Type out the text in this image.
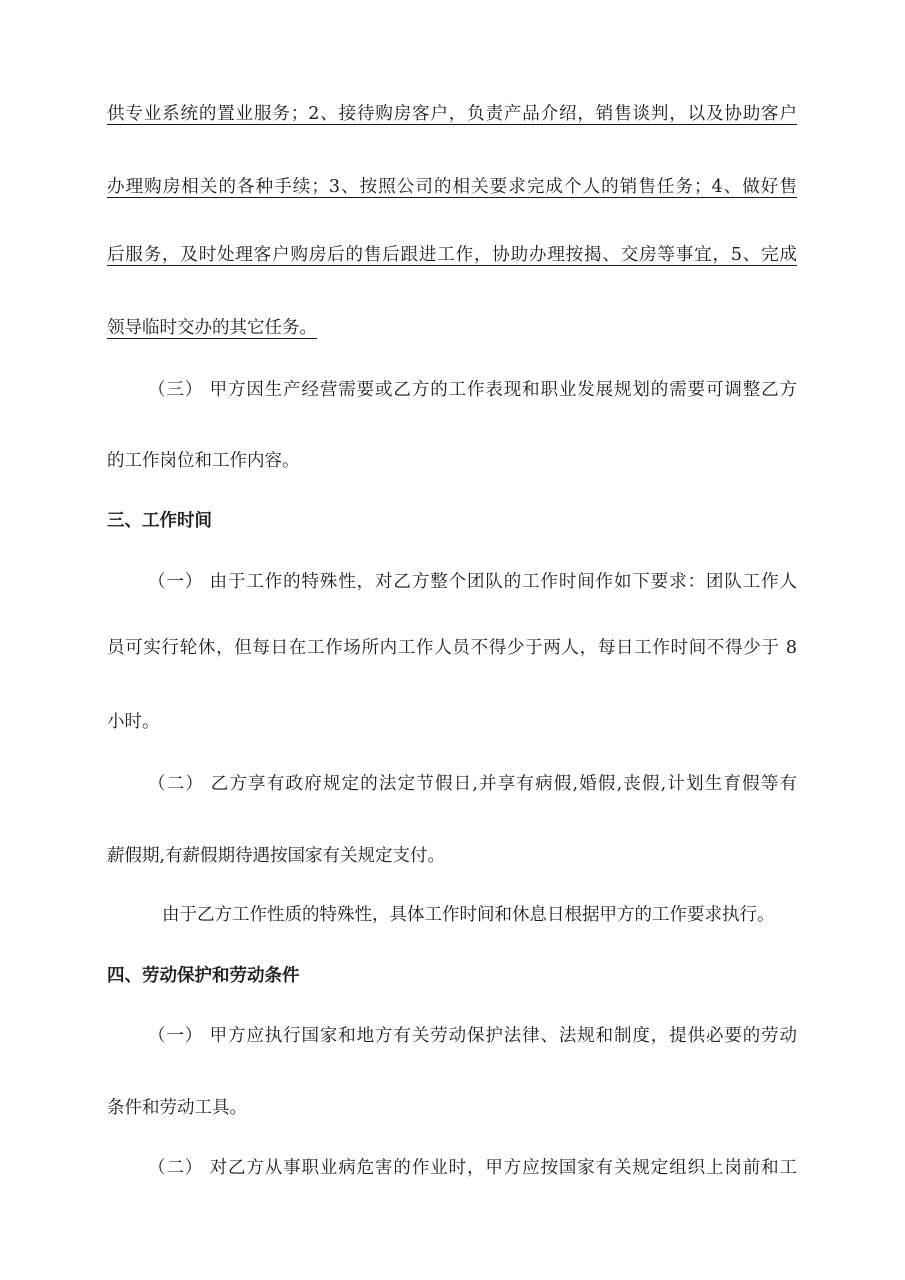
供专业系统的置业服务；2、接待购房客户，负责产品介绍，销售谈判，以及协助客户
办理购房相关的各种手续；3、按照公司的相关要求完成个人的销售任务；4、做好售
后服务，及时处理客户购房后的售后跟进工作，协助办理按揭、交房等事宜，5、完成
领导临时交办的其它任务。
（三） 甲方因生产经营需要或乙方的工作表现和职业发展规划的需要可调整乙方
的工作岗位和工作内容。
三、工作时间
（一） 由于工作的特殊性，对乙方整个团队的工作时间作如下要求：团队工作人
员可实行轮休，但每日在工作场所内工作人员不得少于两人，每日工作时间不得少于 8
小时。
（二） 乙方享有政府规定的法定节假日,并享有病假,婚假,丧假,计划生育假等有
薪假期,有薪假期待遇按国家有关规定支付。
由于乙方工作性质的特殊性，具体工作时间和休息日根据甲方的工作要求执行。
四、劳动保护和劳动条件
（一） 甲方应执行国家和地方有关劳动保护法律、法规和制度，提供必要的劳动
条件和劳动工具。
（二） 对乙方从事职业病危害的作业时，甲方应按国家有关规定组织上岗前和工
